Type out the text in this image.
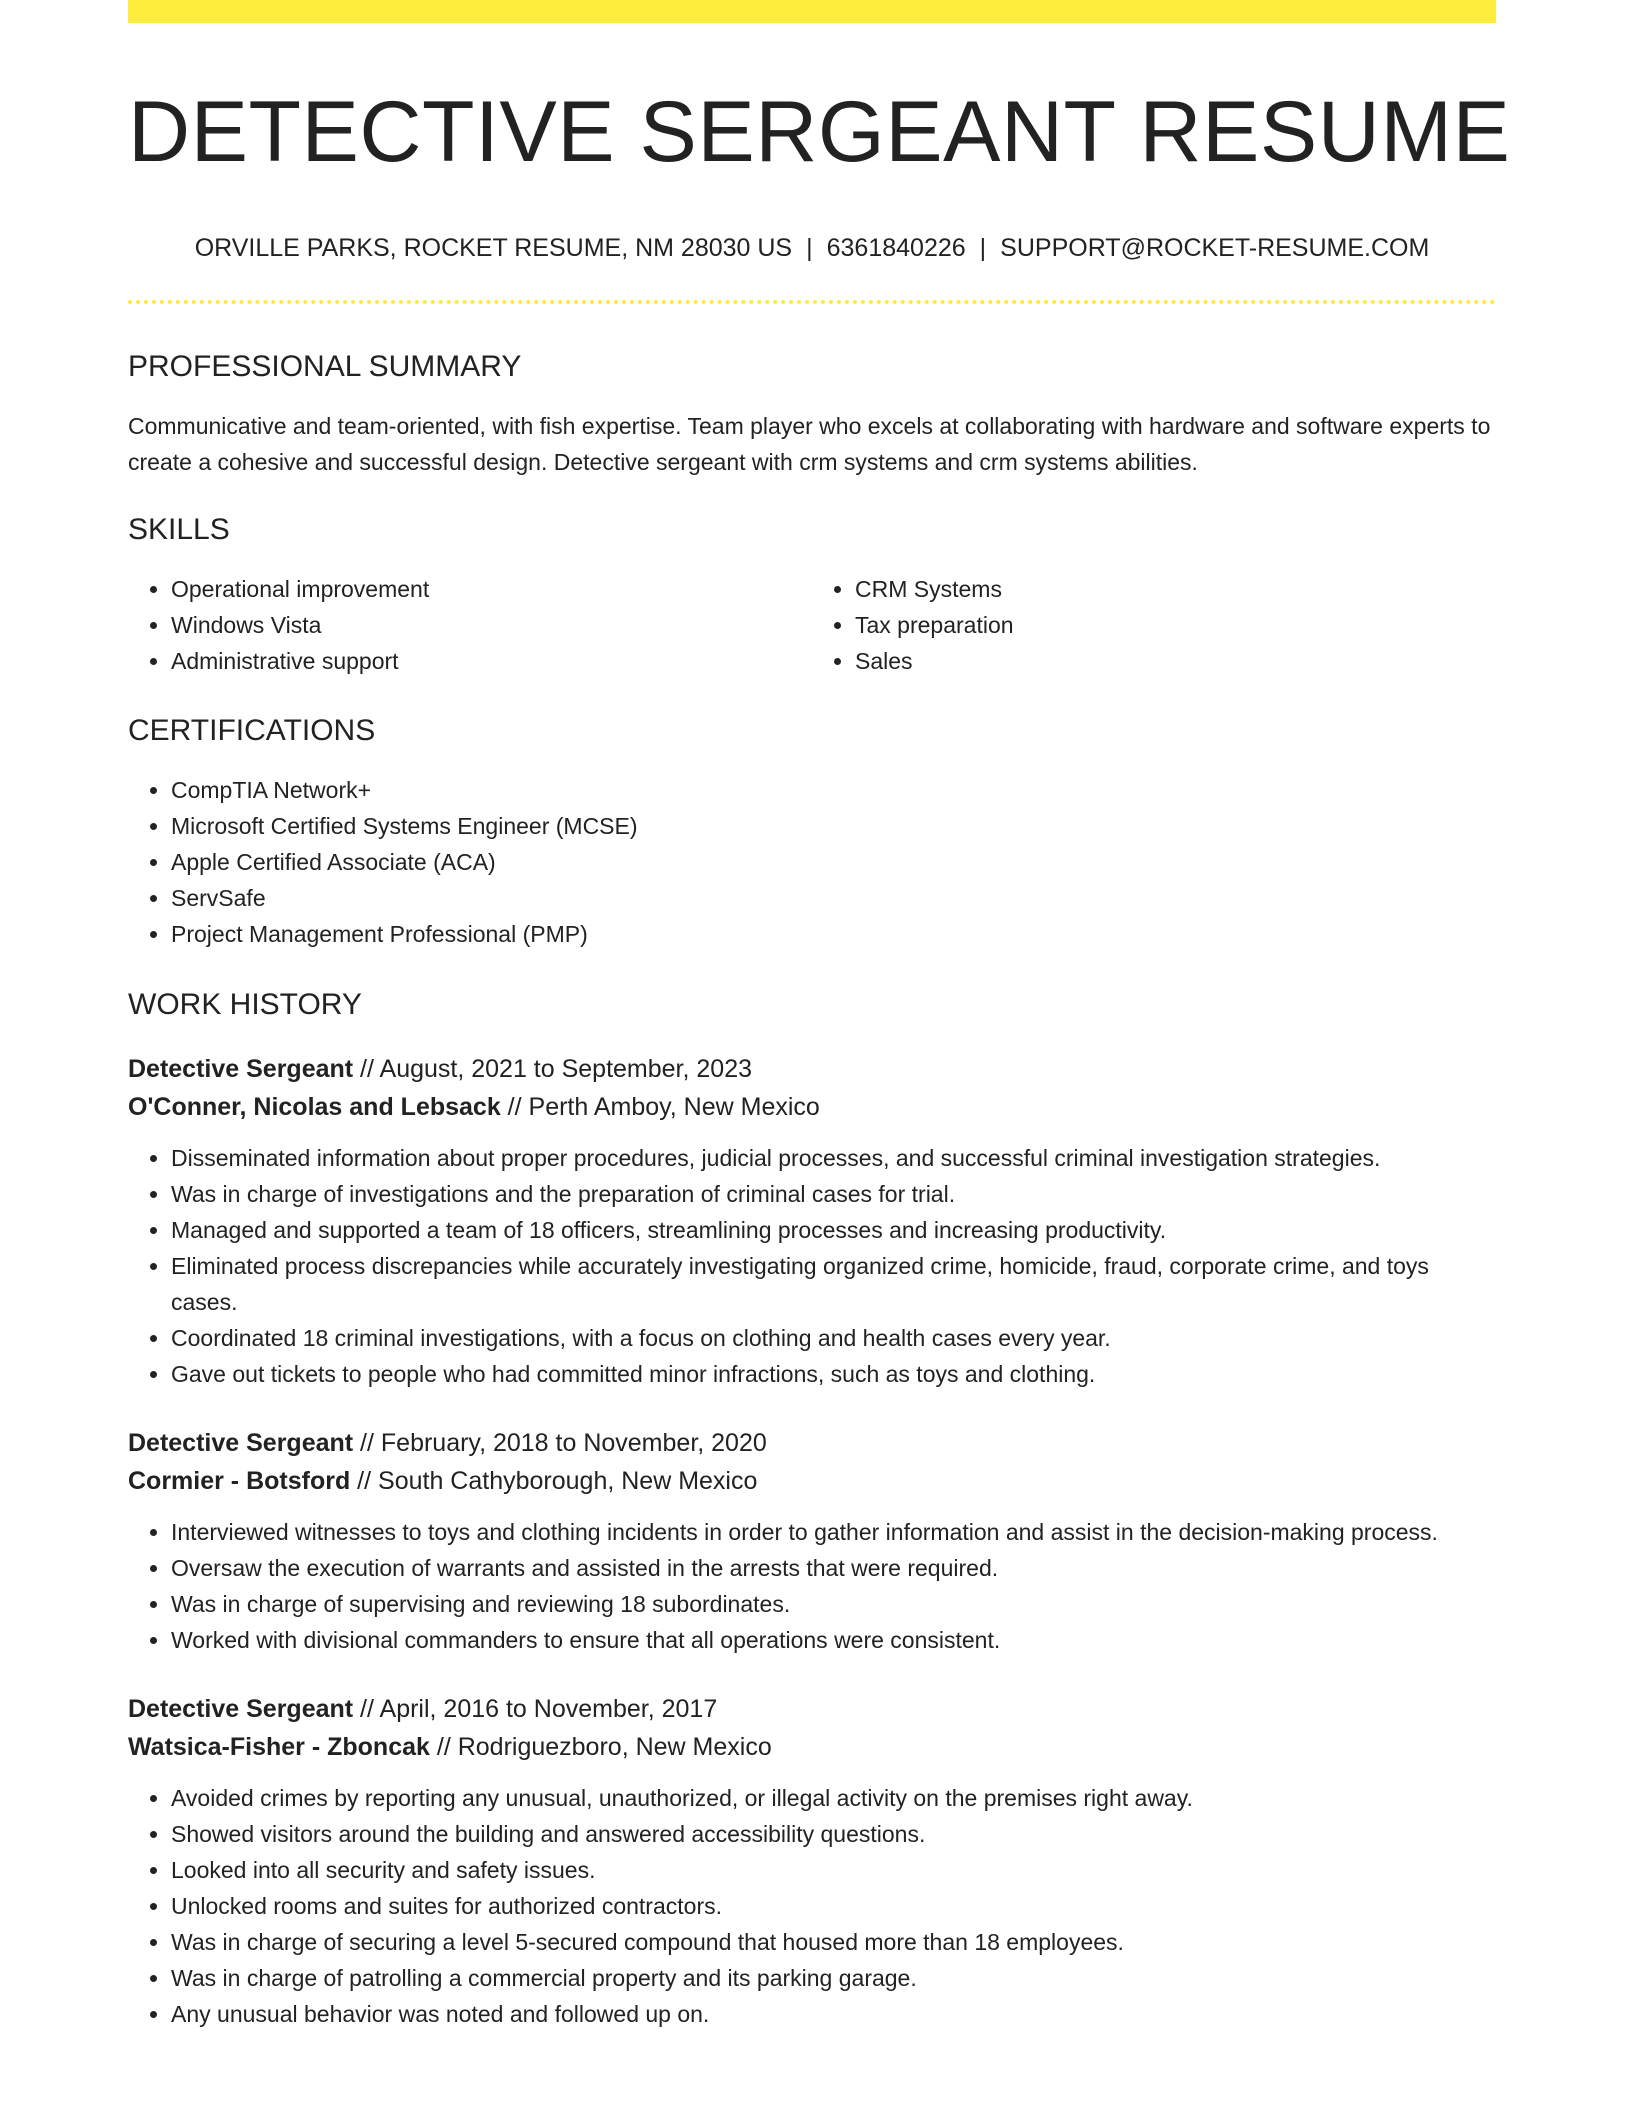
DETECTIVE SERGEANT RESUME
ORVILLE PARKS, ROCKET RESUME, NM 28030 US | 6361840226 | SUPPORT@ROCKET-RESUME.COM
PROFESSIONAL SUMMARY

Communicative and team-oriented, with fish expertise. Team player who excels at collaborating with hardware and software experts to create a cohesive and successful design. Detective sergeant with crm systems and crm systems abilities.

SKILLS
• Operational improvement
• Windows Vista
• Administrative support
• CRM Systems
• Tax preparation
• Sales
CERTIFICATIONS
• CompTIA Network+
• Microsoft Certified Systems Engineer (MCSE)
• Apple Certified Associate (ACA)
• ServSafe
• Project Management Professional (PMP)
WORK HISTORY
Detective Sergeant // August, 2021 to September, 2023
O'Conner, Nicolas and Lebsack // Perth Amboy, New Mexico
• Disseminated information about proper procedures, judicial processes, and successful criminal investigation strategies.
• Was in charge of investigations and the preparation of criminal cases for trial.
• Managed and supported a team of 18 officers, streamlining processes and increasing productivity.
• Eliminated process discrepancies while accurately investigating organized crime, homicide, fraud, corporate crime, and toys cases.
• Coordinated 18 criminal investigations, with a focus on clothing and health cases every year.
• Gave out tickets to people who had committed minor infractions, such as toys and clothing.
Detective Sergeant // February, 2018 to November, 2020
Cormier - Botsford // South Cathyborough, New Mexico
• Interviewed witnesses to toys and clothing incidents in order to gather information and assist in the decision-making process.
• Oversaw the execution of warrants and assisted in the arrests that were required.
• Was in charge of supervising and reviewing 18 subordinates.
• Worked with divisional commanders to ensure that all operations were consistent.
Detective Sergeant // April, 2016 to November, 2017
Watsica-Fisher - Zboncak // Rodriguezboro, New Mexico
• Avoided crimes by reporting any unusual, unauthorized, or illegal activity on the premises right away.
• Showed visitors around the building and answered accessibility questions.
• Looked into all security and safety issues.
• Unlocked rooms and suites for authorized contractors.
• Was in charge of securing a level 5-secured compound that housed more than 18 employees.
• Was in charge of patrolling a commercial property and its parking garage.
• Any unusual behavior was noted and followed up on.
